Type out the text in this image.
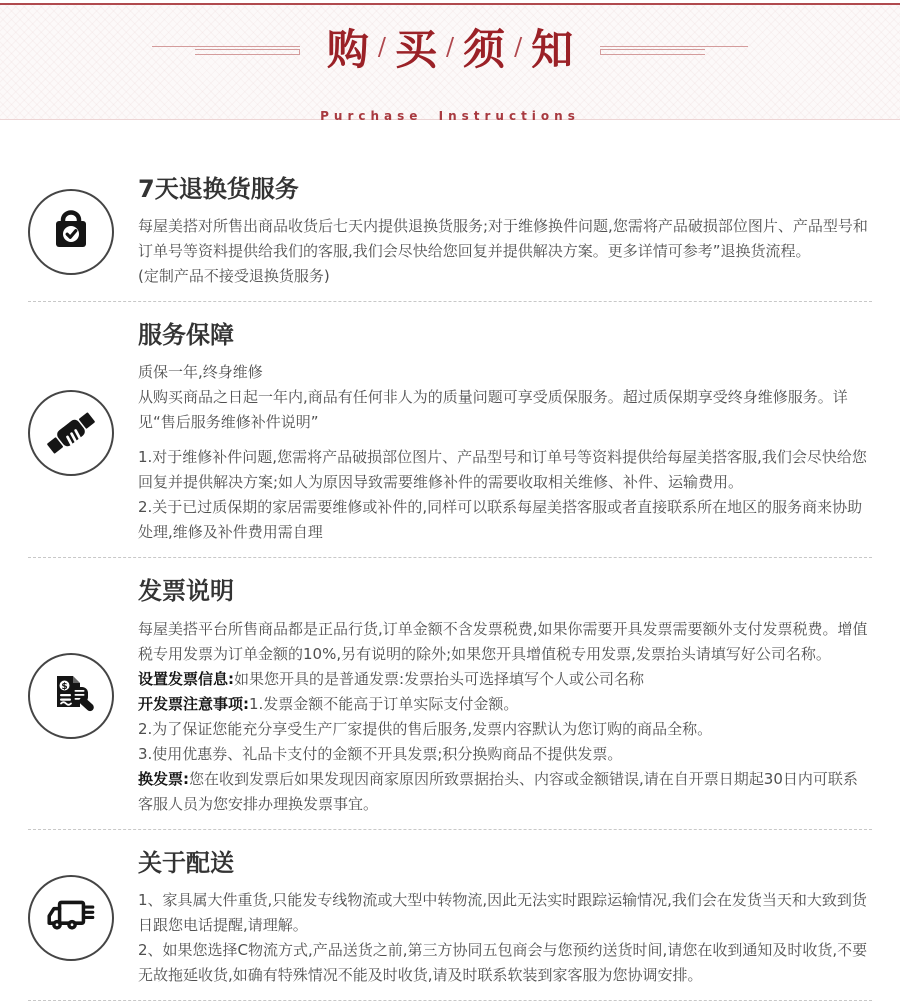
购 / 买 / 须 / 知
Purchase Instructions
7天退换货服务

每屋美搭对所售出商品收货后七天内提供退换货服务;对于维修换件问题,您需将产品破损部位图片、产品型号和订单号等资料提供给我们的客服,我们会尽快给您回复并提供解决方案。更多详情可参考”退换货流程。

(定制产品不接受退换货服务)

服务保障

质保一年,终身维修

从购买商品之日起一年内,商品有任何非人为的质量问题可享受质保服务。超过质保期享受终身维修服务。详见“售后服务维修补件说明”

1.对于维修补件问题,您需将产品破损部位图片、产品型号和订单号等资料提供给每屋美搭客服,我们会尽快给您回复并提供解决方案;如人为原因导致需要维修补件的需要收取相关维修、补件、运输费用。

2.关于已过质保期的家居需要维修或补件的,同样可以联系每屋美搭客服或者直接联系所在地区的服务商来协助处理,维修及补件费用需自理

$
发票说明

每屋美搭平台所售商品都是正品行货,订单金额不含发票税费,如果你需要开具发票需要额外支付发票税费。增值税专用发票为订单金额的10%,另有说明的除外;如果您开具增值税专用发票,发票抬头请填写好公司名称。

设置发票信息:如果您开具的是普通发票:发票抬头可选择填写个人或公司名称

开发票注意事项:1.发票金额不能高于订单实际支付金额。

2.为了保证您能充分享受生产厂家提供的售后服务,发票内容默认为您订购的商品全称。

3.使用优惠券、礼品卡支付的金额不开具发票;积分换购商品不提供发票。

换发票:您在收到发票后如果发现因商家原因所致票据抬头、内容或金额错误,请在自开票日期起30日内可联系客服人员为您安排办理换发票事宜。

关于配送

1、家具属大件重货,只能发专线物流或大型中转物流,因此无法实时跟踪运输情况,我们会在发货当天和大致到货日跟您电话提醒,请理解。

2、如果您选择C物流方式,产品送货之前,第三方协同五包商会与您预约送货时间,请您在收到通知及时收货,不要无故拖延收货,如确有特殊情况不能及时收货,请及时联系软装到家客服为您协调安排。
